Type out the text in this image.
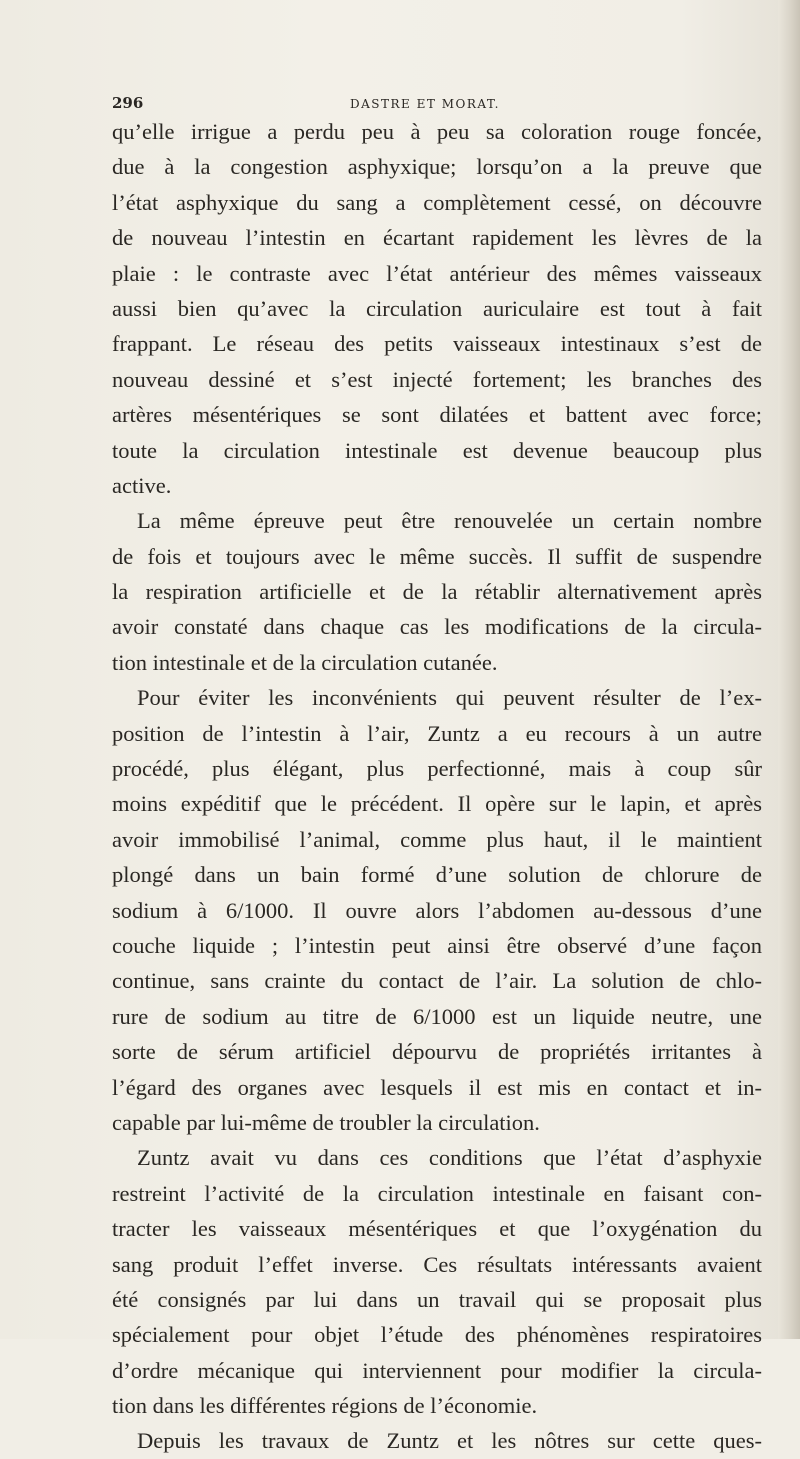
296	DASTRE ET MORAT.
qu’elle irrigue a perdu peu à peu sa coloration rouge foncée,
due à la congestion asphyxique; lorsqu’on a la preuve que
l’état asphyxique du sang a complètement cessé, on découvre
de nouveau l’intestin en écartant rapidement les lèvres de la
plaie : le contraste avec l’état antérieur des mêmes vaisseaux
aussi bien qu’avec la circulation auriculaire est tout à fait
frappant. Le réseau des petits vaisseaux intestinaux s’est de
nouveau dessiné et s’est injecté fortement; les branches des
artères mésentériques se sont dilatées et battent avec force;
toute la circulation intestinale est devenue beaucoup plus
active.
La même épreuve peut être renouvelée un certain nombre
de fois et toujours avec le même succès. Il suffit de suspendre
la respiration artificielle et de la rétablir alternativement après
avoir constaté dans chaque cas les modifications de la circula-
tion intestinale et de la circulation cutanée.
Pour éviter les inconvénients qui peuvent résulter de l’ex-
position de l’intestin à l’air, Zuntz a eu recours à un autre
procédé, plus élégant, plus perfectionné, mais à coup sûr
moins expéditif que le précédent. Il opère sur le lapin, et après
avoir immobilisé l’animal, comme plus haut, il le maintient
plongé dans un bain formé d’une solution de chlorure de
sodium à 6/1000. Il ouvre alors l’abdomen au-dessous d’une
couche liquide ; l’intestin peut ainsi être observé d’une façon
continue, sans crainte du contact de l’air. La solution de chlo-
rure de sodium au titre de 6/1000 est un liquide neutre, une
sorte de sérum artificiel dépourvu de propriétés irritantes à
l’égard des organes avec lesquels il est mis en contact et in-
capable par lui-même de troubler la circulation.
Zuntz avait vu dans ces conditions que l’état d’asphyxie
restreint l’activité de la circulation intestinale en faisant con-
tracter les vaisseaux mésentériques et que l’oxygénation du
sang produit l’effet inverse. Ces résultats intéressants avaient
été consignés par lui dans un travail qui se proposait plus
spécialement pour objet l’étude des phénomènes respiratoires
d’ordre mécanique qui interviennent pour modifier la circula-
tion dans les différentes régions de l’économie.
Depuis les travaux de Zuntz et les nôtres sur cette ques-
